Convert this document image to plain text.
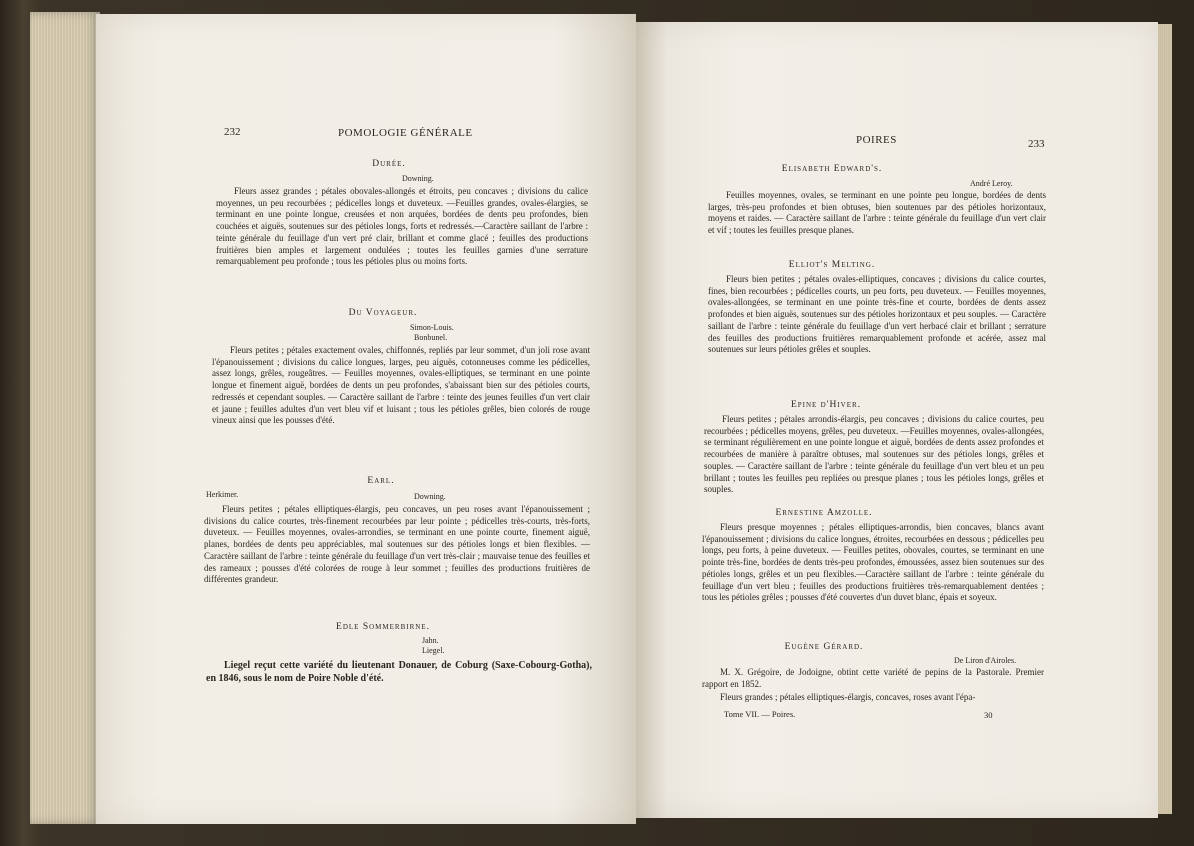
232	POMOLOGIE GÉNÉRALE
Durée.
Downing.

Fleurs assez grandes ; pétales obovales-allongés et étroits, peu concaves ; divisions du calice moyennes, un peu recourbées ; pédicelles longs et duveteux. —Feuilles grandes, ovales-élargies, se terminant en une pointe longue, creusées et non arquées, bordées de dents peu profondes, bien couchées et aiguës, soutenues sur des pétioles longs, forts et redressés.—Caractère saillant de l'arbre : teinte générale du feuillage d'un vert pré clair, brillant et comme glacé ; feuilles des productions fruitières bien amples et largement ondulées ; toutes les feuilles garnies d'une serrature remarquablement peu profonde ; tous les pétioles plus ou moins forts.

Du Voyageur.
Simon-Louis.
Bonbunel.

Fleurs petites ; pétales exactement ovales, chiffonnés, repliés par leur sommet, d'un joli rose avant l'épanouissement ; divisions du calice longues, larges, peu aiguës, cotonneuses comme les pédicelles, assez longs, grêles, rougeâtres. — Feuilles moyennes, ovales-elliptiques, se terminant en une pointe longue et finement aiguë, bordées de dents un peu profondes, s'abaissant bien sur des pétioles courts, redressés et cependant souples. — Caractère saillant de l'arbre : teinte des jeunes feuilles d'un vert clair et jaune ; feuilles adultes d'un vert bleu vif et luisant ; tous les pétioles grêles, bien colorés de rouge vineux ainsi que les pousses d'été.

Earl.
Herkimer.	Downing.

Fleurs petites ; pétales elliptiques-élargis, peu concaves, un peu roses avant l'épanouissement ; divisions du calice courtes, très-finement recourbées par leur pointe ; pédicelles très-courts, très-forts, duveteux. — Feuilles moyennes, ovales-arrondies, se terminant en une pointe courte, finement aiguë, planes, bordées de dents peu appréciables, mal soutenues sur des pétioles longs et bien flexibles. — Caractère saillant de l'arbre : teinte générale du feuillage d'un vert très-clair ; mauvaise tenue des feuilles et des rameaux ; pousses d'été colorées de rouge à leur sommet ; feuilles des productions fruitières de différentes grandeur.

Edle Sommerbirne.
Jahn.
Liegel.

Liegel reçut cette variété du lieutenant Donauer, de Coburg (Saxe-Cobourg-Gotha), en 1846, sous le nom de Poire Noble d'été.

POIRES	233
Elisabeth Edward's.
André Leroy.

Feuilles moyennes, ovales, se terminant en une pointe peu longue, bordées de dents larges, très-peu profondes et bien obtuses, bien soutenues par des pétioles horizontaux, moyens et raides. — Caractère saillant de l'arbre : teinte générale du feuillage d'un vert clair et vif ; toutes les feuilles presque planes.

Elliot's Melting.

Fleurs bien petites ; pétales ovales-elliptiques, concaves ; divisions du calice courtes, fines, bien recourbées ; pédicelles courts, un peu forts, peu duveteux. — Feuilles moyennes, ovales-allongées, se terminant en une pointe très-fine et courte, bordées de dents assez profondes et bien aiguës, soutenues sur des pétioles horizontaux et peu souples. — Caractère saillant de l'arbre : teinte générale du feuillage d'un vert herbacé clair et brillant ; serrature des feuilles des productions fruitières remarquablement profonde et acérée, assez mal soutenues sur leurs pétioles grêles et souples.

Epine d'Hiver.

Fleurs petites ; pétales arrondis-élargis, peu concaves ; divisions du calice courtes, peu recourbées ; pédicelles moyens, grêles, peu duveteux. —Feuilles moyennes, ovales-allongées, se terminant régulièrement en une pointe longue et aiguë, bordées de dents assez profondes et recourbées de manière à paraître obtuses, mal soutenues sur des pétioles longs, grêles et souples. — Caractère saillant de l'arbre : teinte générale du feuillage d'un vert bleu et un peu brillant ; toutes les feuilles peu repliées ou presque planes ; tous les pétioles longs, grêles et souples.

Ernestine Amzolle.

Fleurs presque moyennes ; pétales elliptiques-arrondis, bien concaves, blancs avant l'épanouissement ; divisions du calice longues, étroites, recourbées en dessous ; pédicelles peu longs, peu forts, à peine duveteux. — Feuilles petites, obovales, courtes, se terminant en une pointe très-fine, bordées de dents très-peu profondes, émoussées, assez bien soutenues sur des pétioles longs, grêles et un peu flexibles.—Caractère saillant de l'arbre : teinte générale du feuillage d'un vert bleu ; feuilles des productions fruitières très-remarquablement dentées ; tous les pétioles grêles ; pousses d'été couvertes d'un duvet blanc, épais et soyeux.

Eugène Gérard.
De Liron d'Airoles.

M. X. Grégoire, de Jodoigne, obtint cette variété de pepins de la Pastorale. Premier rapport en 1852.

Fleurs grandes ; pétales elliptiques-élargis, concaves, roses avant l'épa-

Tome VII. — Poires.	30
